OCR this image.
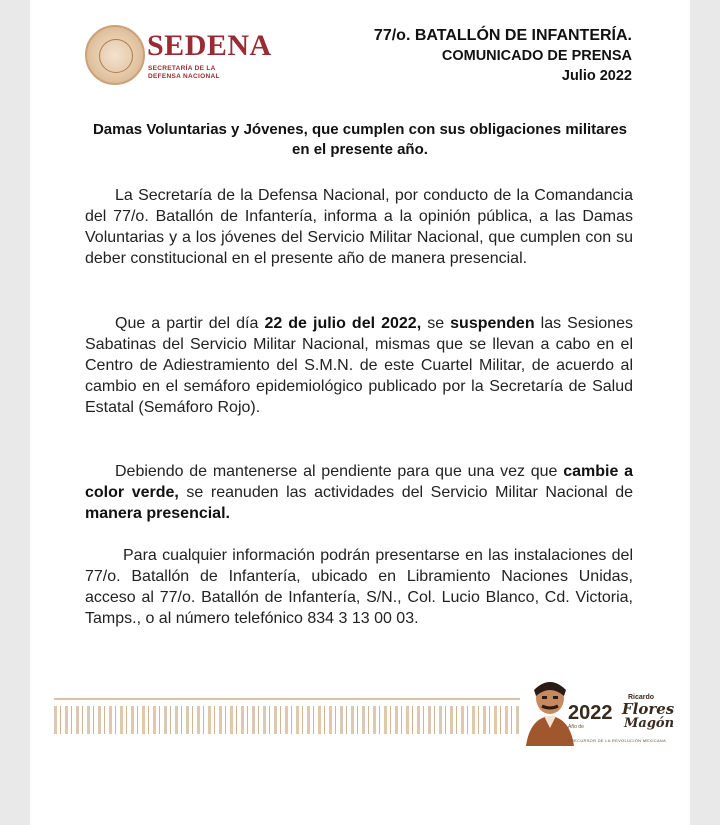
SEDENA
SECRETARÍA DE LA
DEFENSA NACIONAL
77/o. BATALLÓN DE INFANTERÍA.
COMUNICADO DE PRENSA
Julio 2022
Damas Voluntarias y Jóvenes, que cumplen con sus obligaciones militares en el presente año.
La Secretaría de la Defensa Nacional, por conducto de la Comandancia del 77/o. Batallón de Infantería, informa a la opinión pública, a las Damas Voluntarias y a los jóvenes del Servicio Militar Nacional, que cumplen con su deber constitucional en el presente año de manera presencial.
Que a partir del día 22 de julio del 2022, se suspenden las Sesiones Sabatinas del Servicio Militar Nacional, mismas que se llevan a cabo en el Centro de Adiestramiento del S.M.N. de este Cuartel Militar, de acuerdo al cambio en el semáforo epidemiológico publicado por la Secretaría de Salud Estatal (Semáforo Rojo).
Debiendo de mantenerse al pendiente para que una vez que cambie a color verde, se reanuden las actividades del Servicio Militar Nacional de manera presencial.
Para cualquier información podrán presentarse en las instalaciones del 77/o. Batallón de Infantería, ubicado en Libramiento Naciones Unidas, acceso al 77/o. Batallón de Infantería, S/N., Col. Lucio Blanco, Cd. Victoria, Tamps., o al número telefónico 834 3 13 00 03.
2022
Año de
Ricardo
Flores
Magón
PRECURSOR DE LA REVOLUCIÓN MEXICANA
